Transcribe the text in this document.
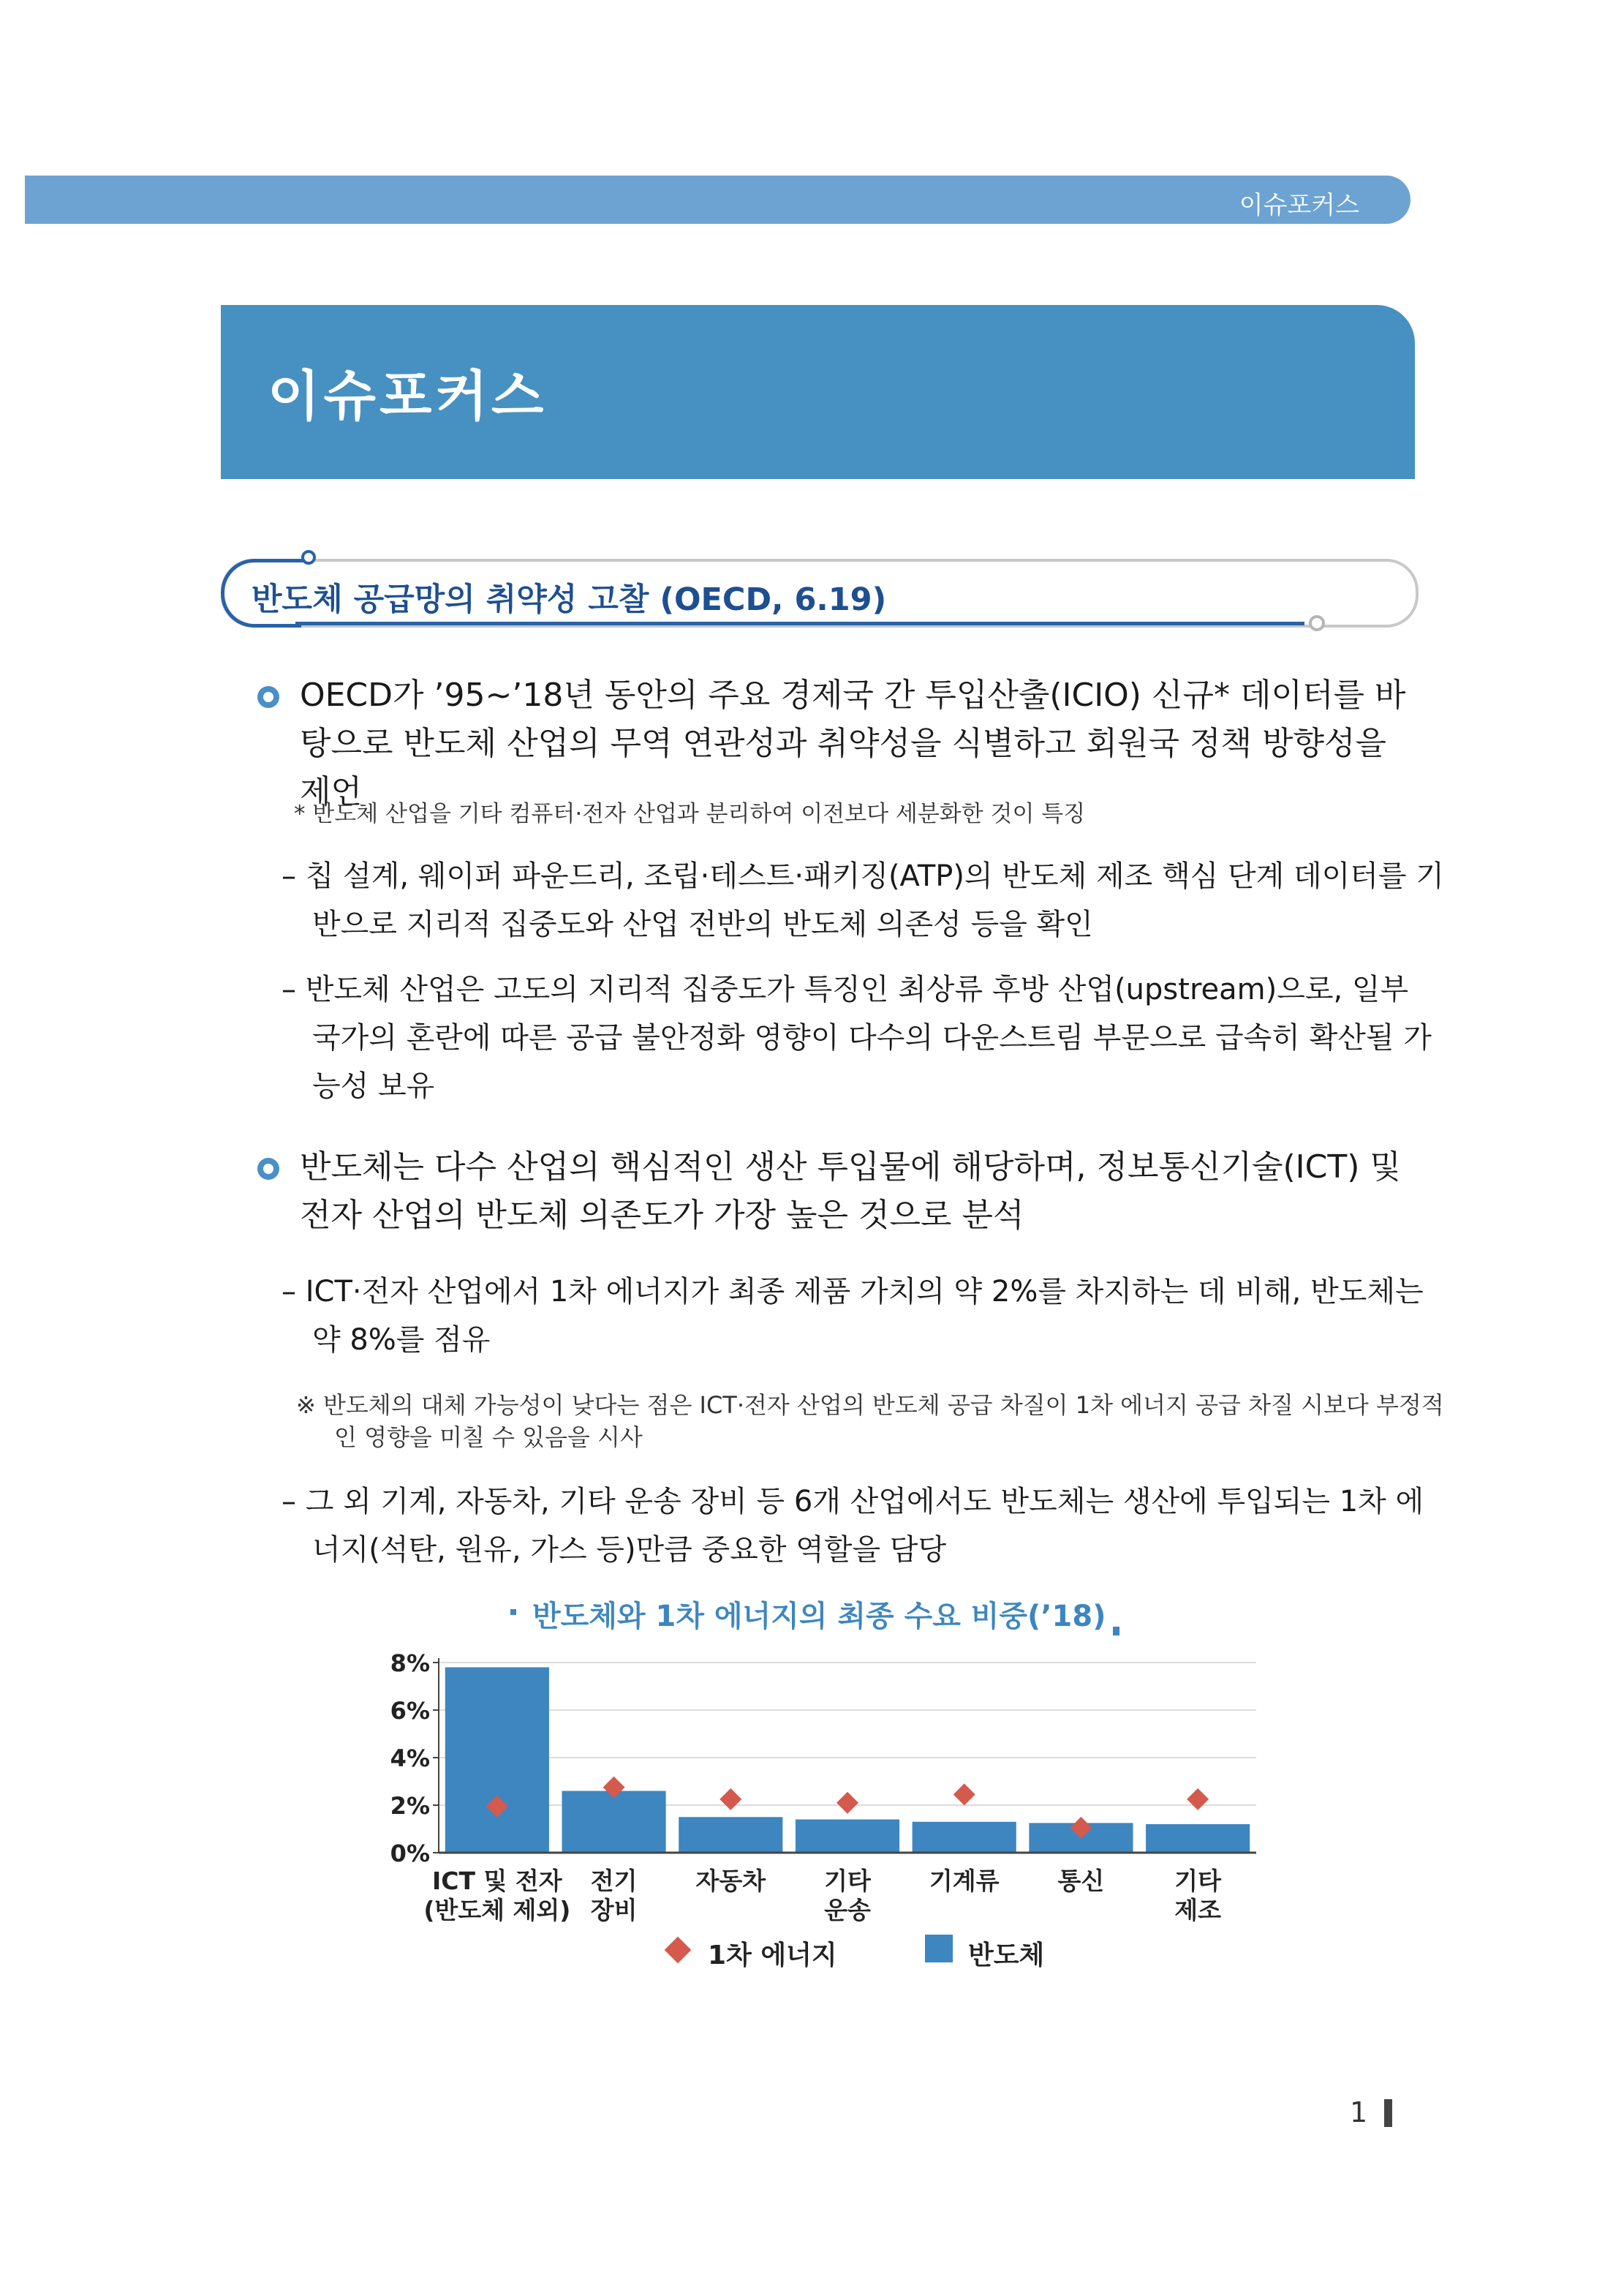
이슈포커스
이슈포커스
반도체 공급망의 취약성 고찰 (OECD, 6.19)

OECD가 ’95~’18년 동안의 주요 경제국 간 투입산출(ICIO) 신규* 데이터를 바탕으로 반도체 산업의 무역 연관성과 취약성을 식별하고 회원국 정책 방향성을 제언

* 반도체 산업을 기타 컴퓨터·전자 산업과 분리하여 이전보다 세분화한 것이 특징

– 칩 설계, 웨이퍼 파운드리, 조립·테스트·패키징(ATP)의 반도체 제조 핵심 단계 데이터를 기반으로 지리적 집중도와 산업 전반의 반도체 의존성 등을 확인

– 반도체 산업은 고도의 지리적 집중도가 특징인 최상류 후방 산업(upstream)으로, 일부 국가의 혼란에 따른 공급 불안정화 영향이 다수의 다운스트림 부문으로 급속히 확산될 가능성 보유

반도체는 다수 산업의 핵심적인 생산 투입물에 해당하며, 정보통신기술(ICT) 및 전자 산업의 반도체 의존도가 가장 높은 것으로 분석

– ICT·전자 산업에서 1차 에너지가 최종 제품 가치의 약 2%를 차지하는 데 비해, 반도체는 약 8%를 점유

※ 반도체의 대체 가능성이 낮다는 점은 ICT·전자 산업의 반도체 공급 차질이 1차 에너지 공급 차질 시보다 부정적인 영향을 미칠 수 있음을 시사

– 그 외 기계, 자동차, 기타 운송 장비 등 6개 산업에서도 반도체는 생산에 투입되는 1차 에너지(석탄, 원유, 가스 등)만큼 중요한 역할을 담당

반도체와 1차 에너지의 최종 수요 비중(’18)
8%
6%
4%
2%
0%
ICT 및 전자
(반도체 제외)
전기
장비
자동차 기타
운송
기계류 통신	기타
제조
1차 에너지	반도체
1
